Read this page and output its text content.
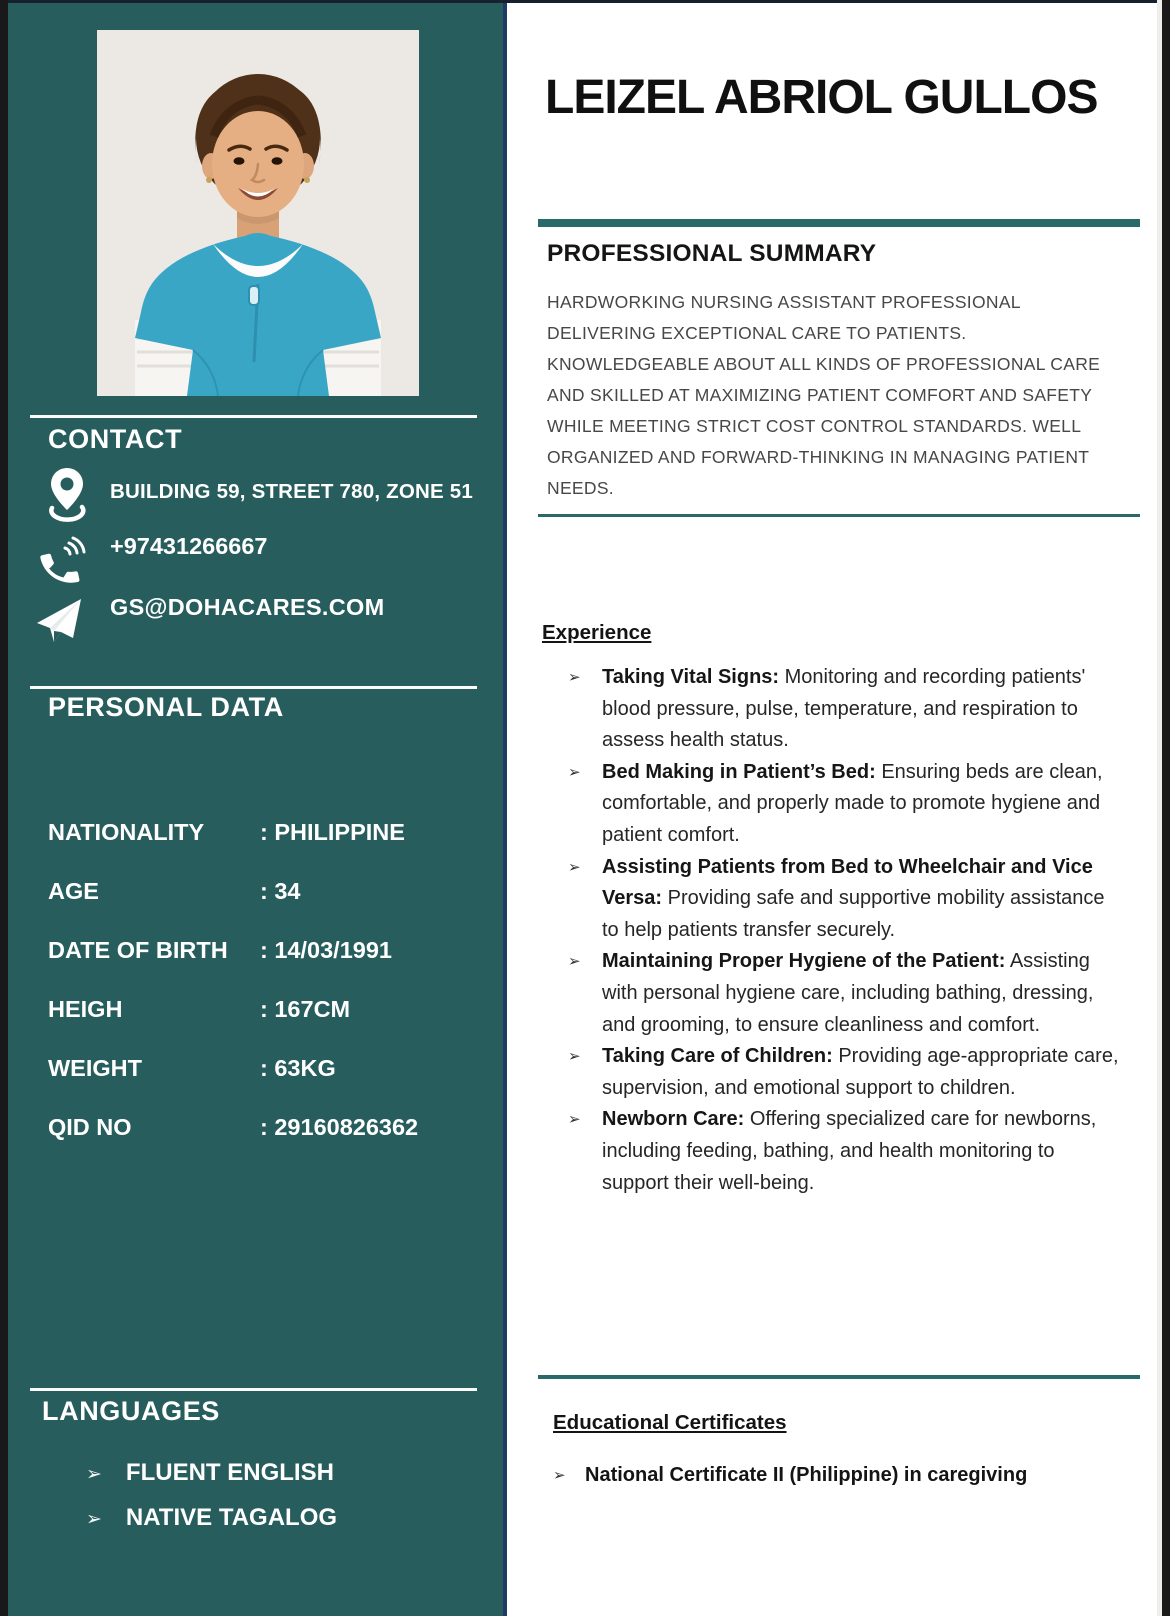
CONTACT
BUILDING 59, STREET 780, ZONE 51
+97431266667
GS@DOHACARES.COM
PERSONAL DATA
NATIONALITY	: PHILIPPINE
AGE	: 34
DATE OF BIRTH	: 14/03/1991
HEIGH	: 167CM
WEIGHT	: 63KG
QID NO	: 29160826362
LANGUAGES
➢ FLUENT ENGLISH
➢ NATIVE TAGALOG
LEIZEL ABRIOL GULLOS
PROFESSIONAL SUMMARY
HARDWORKING NURSING ASSISTANT PROFESSIONAL DELIVERING EXCEPTIONAL CARE TO PATIENTS. KNOWLEDGEABLE ABOUT ALL KINDS OF PROFESSIONAL CARE AND SKILLED AT MAXIMIZING PATIENT COMFORT AND SAFETY WHILE MEETING STRICT COST CONTROL STANDARDS. WELL ORGANIZED AND FORWARD-THINKING IN MANAGING PATIENT NEEDS.
Experience
➢	Taking Vital Signs: Monitoring and recording patients' blood pressure, pulse, temperature, and respiration to assess health status.
➢	Bed Making in Patient’s Bed: Ensuring beds are clean, comfortable, and properly made to promote hygiene and patient comfort.
➢	Assisting Patients from Bed to Wheelchair and Vice Versa: Providing safe and supportive mobility assistance to help patients transfer securely.
➢	Maintaining Proper Hygiene of the Patient: Assisting with personal hygiene care, including bathing, dressing, and grooming, to ensure cleanliness and comfort.
➢	Taking Care of Children: Providing age-appropriate care, supervision, and emotional support to children.
➢	Newborn Care: Offering specialized care for newborns, including feeding, bathing, and health monitoring to support their well-being.
Educational Certificates
➢ National Certificate II (Philippine) in caregiving
